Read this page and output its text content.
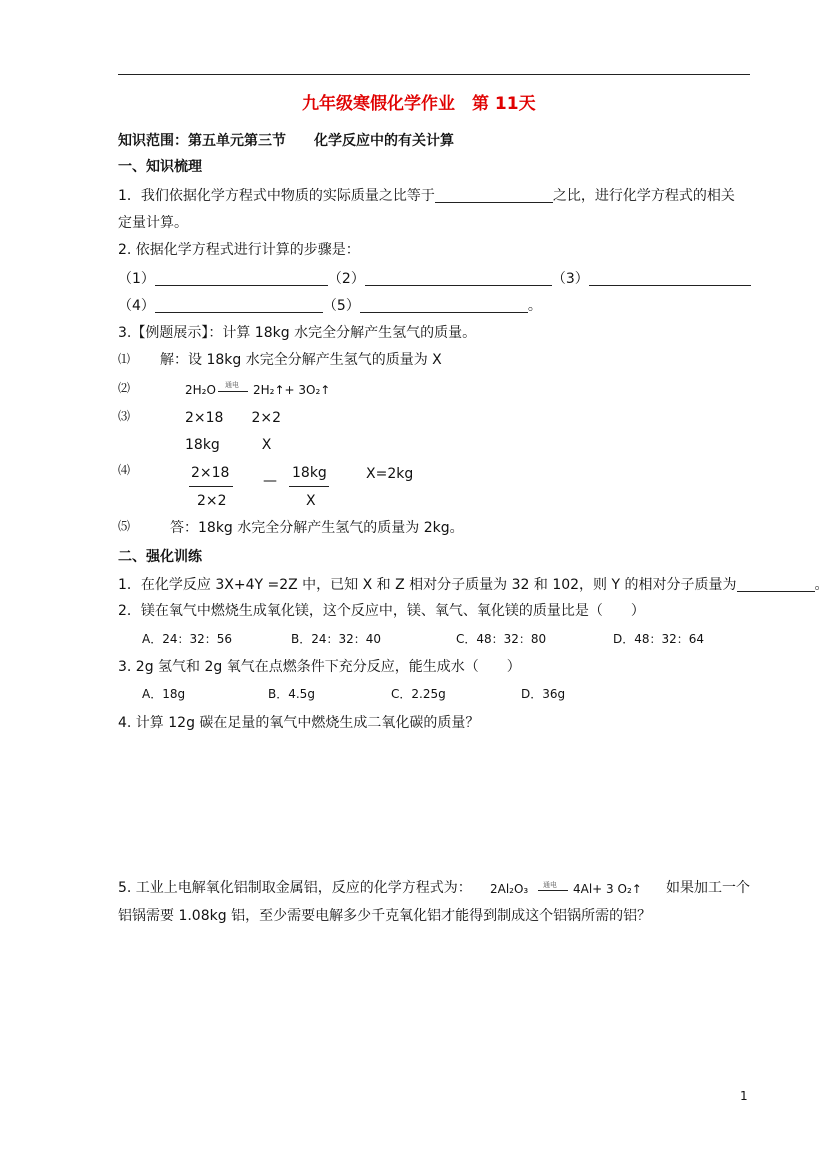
九年级寒假化学作业　第 11天
知识范围：第五单元第三节　　化学反应中的有关计算
一、知识梳理
1．我们依据化学方程式中物质的实际质量之比等于	之比，进行化学方程式的相关
定量计算。
2. 依据化学方程式进行计算的步骤是：
（1）	（2）	（3）
（4）	（5）	。
3.【例题展示】：计算 18kg 水完全分解产生氢气的质量。
⑴ 解：设 18kg 水完全分解产生氢气的质量为 X
⑵	2H₂O 通电 2H₂↑+ 3O₂↑
⑶	2×18　　2×2
18kg　　　X
⑷	2×18
2×2
— 18kg
X
X=2kg
⑸	答：18kg 水完全分解产生氢气的质量为 2kg。
二、强化训练
1．在化学反应 3X+4Y =2Z 中，已知 X 和 Z 相对分子质量为 32 和 102，则 Y 的相对分子质量为	。
2．镁在氧气中燃烧生成氧化镁，这个反应中，镁、氧气、氧化镁的质量比是（　　）
A．24：32：56	B．24：32：40	C．48：32：80	D．48：32：64
3. 2g 氢气和 2g 氧气在点燃条件下充分反应，能生成水（　　）
A．18g	B．4.5g	C．2.25g	D．36g
4. 计算 12g 碳在足量的氧气中燃烧生成二氧化碳的质量？
5. 工业上电解氧化铝制取金属铝，反应的化学方程式为： 2Al₂O₃ 通电 4Al+ 3 O₂↑ 如果加工一个
铝锅需要 1.08kg 铝，至少需要电解多少千克氧化铝才能得到制成这个铝锅所需的铝？
1
